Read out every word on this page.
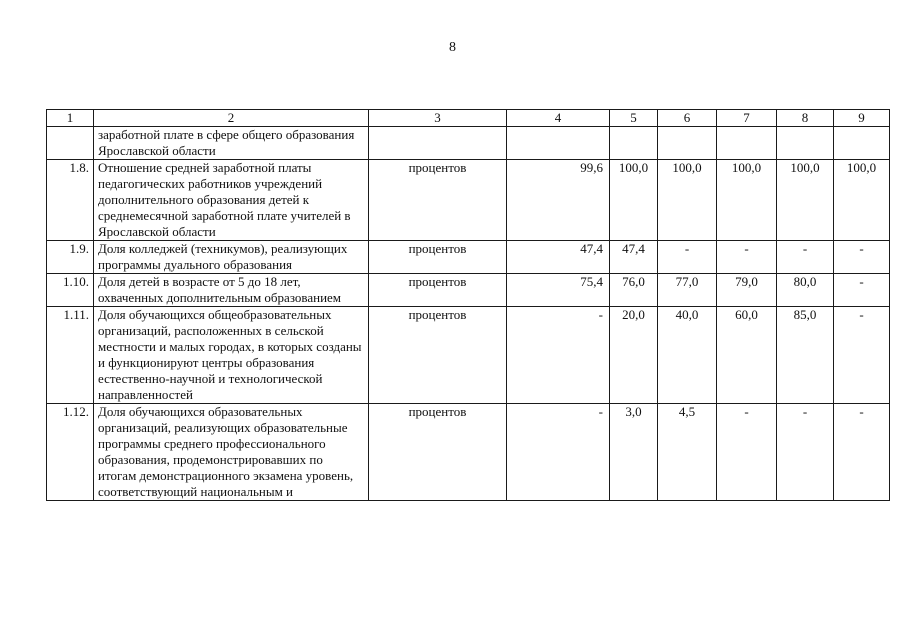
8
1	2	3	4	5	6	7	8	9
	заработной плате в сфере общего образования Ярославской области							
1.8.	Отношение средней заработной платы педагогических работников учреждений дополнительного образования детей к среднемесячной заработной плате учителей в Ярославской области	процентов	99,6	100,0	100,0	100,0	100,0	100,0
1.9.	Доля колледжей (техникумов), реализующих программы дуального образования	процентов	47,4	47,4	-	-	-	-
1.10.	Доля детей в возрасте от 5 до 18 лет, охваченных дополнительным образованием	процентов	75,4	76,0	77,0	79,0	80,0	-
1.11.	Доля обучающихся общеобразовательных организаций, расположенных в сельской местности и малых городах, в которых созданы и функционируют центры образования естественно-научной и технологической направленностей	процентов	-	20,0	40,0	60,0	85,0	-
1.12.	Доля обучающихся образовательных организаций, реализующих образовательные программы среднего профессионального образования, продемонстрировавших по итогам демонстрационного экзамена уровень, соответствующий национальным и	процентов	-	3,0	4,5	-	-	-
